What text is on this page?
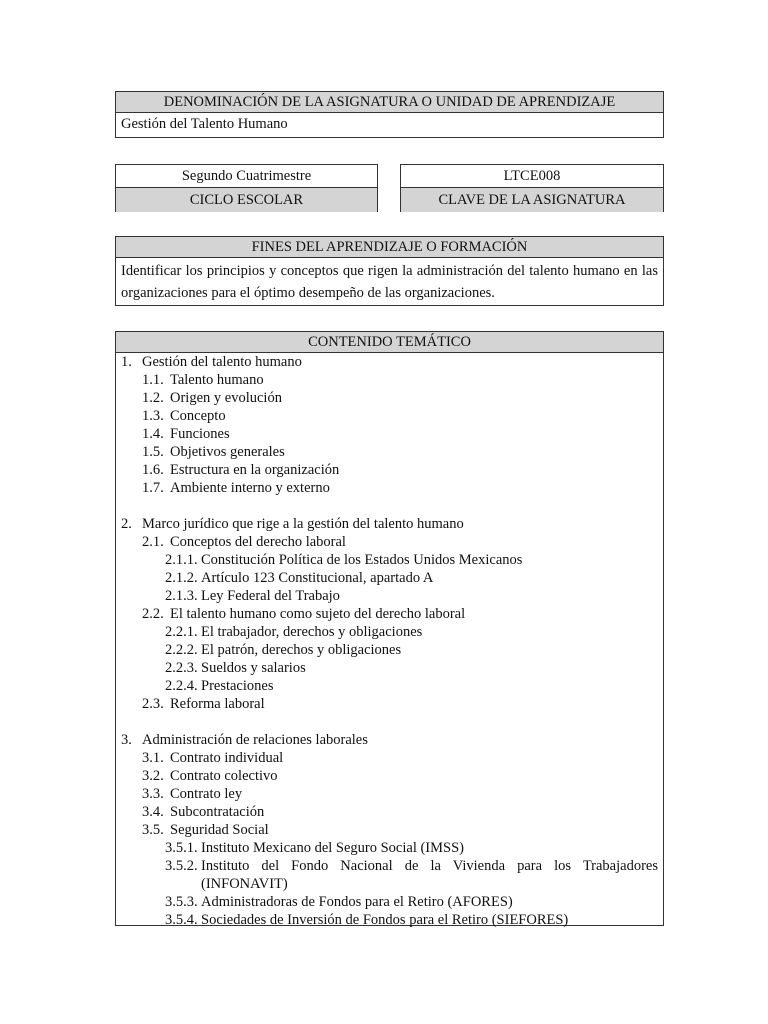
DENOMINACIÓN DE LA ASIGNATURA O UNIDAD DE APRENDIZAJE
Gestión del Talento Humano
Segundo Cuatrimestre
CICLO ESCOLAR
LTCE008
CLAVE DE LA ASIGNATURA
FINES DEL APRENDIZAJE O FORMACIÓN
Identificar los principios y conceptos que rigen la administración del talento humano en las organizaciones para el óptimo desempeño de las organizaciones.
CONTENIDO TEMÁTICO
1. Gestión del talento humano
1.1. Talento humano
1.2. Origen y evolución
1.3. Concepto
1.4. Funciones
1.5. Objetivos generales
1.6. Estructura en la organización
1.7. Ambiente interno y externo
2. Marco jurídico que rige a la gestión del talento humano
2.1. Conceptos del derecho laboral
2.1.1. Constitución Política de los Estados Unidos Mexicanos
2.1.2. Artículo 123 Constitucional, apartado A
2.1.3. Ley Federal del Trabajo
2.2. El talento humano como sujeto del derecho laboral
2.2.1. El trabajador, derechos y obligaciones
2.2.2. El patrón, derechos y obligaciones
2.2.3. Sueldos y salarios
2.2.4. Prestaciones
2.3. Reforma laboral
3. Administración de relaciones laborales
3.1. Contrato individual
3.2. Contrato colectivo
3.3. Contrato ley
3.4. Subcontratación
3.5. Seguridad Social
3.5.1. Instituto Mexicano del Seguro Social (IMSS)
3.5.2. Instituto del Fondo Nacional de la Vivienda para los Trabajadores (INFONAVIT)
3.5.3. Administradoras de Fondos para el Retiro (AFORES)
3.5.4. Sociedades de Inversión de Fondos para el Retiro (SIEFORES)
